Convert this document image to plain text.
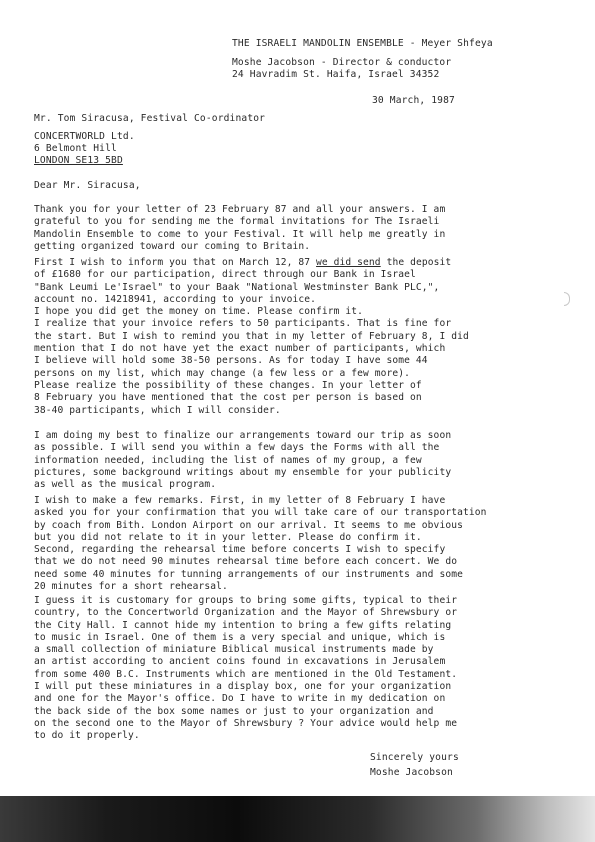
THE ISRAELI MANDOLIN ENSEMBLE - Meyer Shfeya
Moshe Jacobson - Director & conductor
24 Havradim St. Haifa, Israel 34352
30 March, 1987
Mr. Tom Siracusa, Festival Co-ordinator
CONCERTWORLD Ltd.
6 Belmont Hill
LONDON SE13 5BD
Dear Mr. Siracusa,
Thank you for your letter of 23 February 87 and all your answers. I am
grateful to you for sending me the formal invitations for The Israeli
Mandolin Ensemble to come to your Festival. It will help me greatly in
getting organized toward our coming to Britain.
First I wish to inform you that on March 12, 87 we did send the deposit
of £1680 for our participation, direct through our Bank in Israel
"Bank Leumi Le'Israel" to your Baak "National Westminster Bank PLC,",
account no. 14218941, according to your invoice.
I hope you did get the money on time. Please confirm it.
I realize that your invoice refers to 50 participants. That is fine for
the start. But I wish to remind you that in my letter of February 8, I did
mention that I do not have yet the exact number of participants, which
I believe will hold some 38-50 persons. As for today I have some 44
persons on my list, which may change (a few less or a few more).
Please realize the possibility of these changes. In your letter of
8 February you have mentioned that the cost per person is based on
38-40 participants, which I will consider.
I am doing my best to finalize our arrangements toward our trip as soon
as possible. I will send you within a few days the Forms with all the
information needed, including the list of names of my group, a few
pictures, some background writings about my ensemble for your publicity
as well as the musical program.
I wish to make a few remarks. First, in my letter of 8 February I have
asked you for your confirmation that you will take care of our transportation
by coach from Bith. London Airport on our arrival. It seems to me obvious
but you did not relate to it in your letter. Please do confirm it.
Second, regarding the rehearsal time before concerts I wish to specify
that we do not need 90 minutes rehearsal time before each concert. We do
need some 40 minutes for tunning arrangements of our instruments and some
20 minutes for a short rehearsal.
I guess it is customary for groups to bring some gifts, typical to their
country, to the Concertworld Organization and the Mayor of Shrewsbury or
the City Hall. I cannot hide my intention to bring a few gifts relating
to music in Israel. One of them is a very special and unique, which is
a small collection of miniature Biblical musical instruments made by
an artist according to ancient coins found in excavations in Jerusalem
from some 400 B.C. Instruments which are mentioned in the Old Testament.
I will put these miniatures in a display box, one for your organization
and one for the Mayor's office. Do I have to write in my dedication on
the back side of the box some names or just to your organization and
on the second one to the Mayor of Shrewsbury ? Your advice would help me
to do it properly.
Sincerely yours
Moshe Jacobson
